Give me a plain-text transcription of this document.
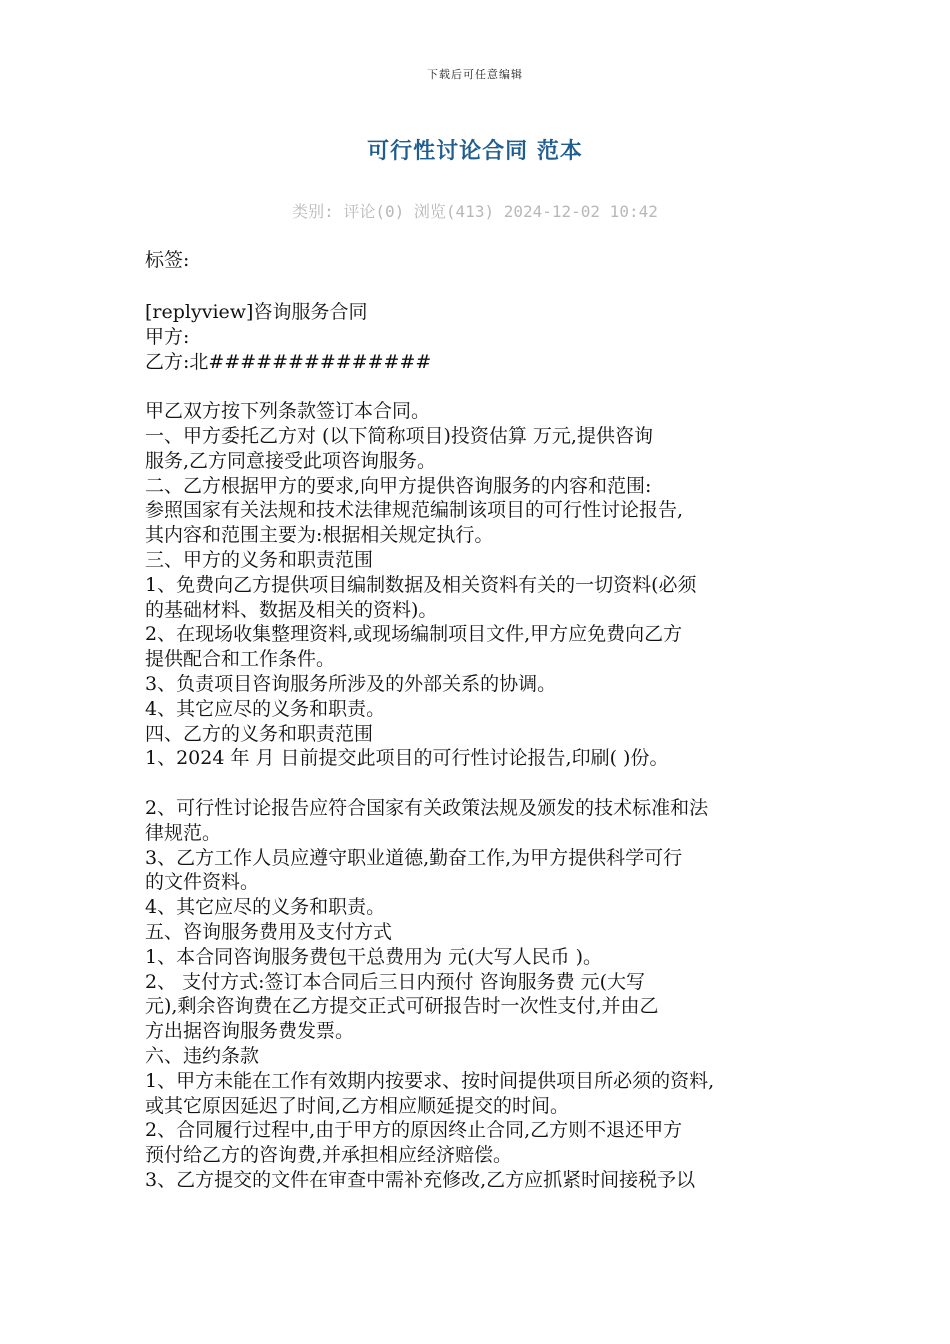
下载后可任意编辑
可行性讨论合同 范本
类别: 评论(0) 浏览(413) 2024-12-02 10:42
标签:
[replyview]咨询服务合同
甲方:
乙方:北##############
甲乙双方按下列条款签订本合同。
一、甲方委托乙方对 (以下简称项目)投资估算 万元,提供咨询
服务,乙方同意接受此项咨询服务。
二、乙方根据甲方的要求,向甲方提供咨询服务的内容和范围:
参照国家有关法规和技术法律规范编制该项目的可行性讨论报告,
其内容和范围主要为:根据相关规定执行。
三、甲方的义务和职责范围
1、免费向乙方提供项目编制数据及相关资料有关的一切资料(必须
的基础材料、数据及相关的资料)。
2、在现场收集整理资料,或现场编制项目文件,甲方应免费向乙方
提供配合和工作条件。
3、负责项目咨询服务所涉及的外部关系的协调。
4、其它应尽的义务和职责。
四、乙方的义务和职责范围
1、2024 年 月 日前提交此项目的可行性讨论报告,印刷( )份。
2、可行性讨论报告应符合国家有关政策法规及颁发的技术标准和法
律规范。
3、乙方工作人员应遵守职业道德,勤奋工作,为甲方提供科学可行
的文件资料。
4、其它应尽的义务和职责。
五、咨询服务费用及支付方式
1、本合同咨询服务费包干总费用为 元(大写人民币 )。
2、 支付方式:签订本合同后三日内预付 咨询服务费 元(大写
元),剩余咨询费在乙方提交正式可研报告时一次性支付,并由乙
方出据咨询服务费发票。
六、违约条款
1、甲方未能在工作有效期内按要求、按时间提供项目所必须的资料,
或其它原因延迟了时间,乙方相应顺延提交的时间。
2、合同履行过程中,由于甲方的原因终止合同,乙方则不退还甲方
预付给乙方的咨询费,并承担相应经济赔偿。
3、乙方提交的文件在审查中需补充修改,乙方应抓紧时间接税予以
